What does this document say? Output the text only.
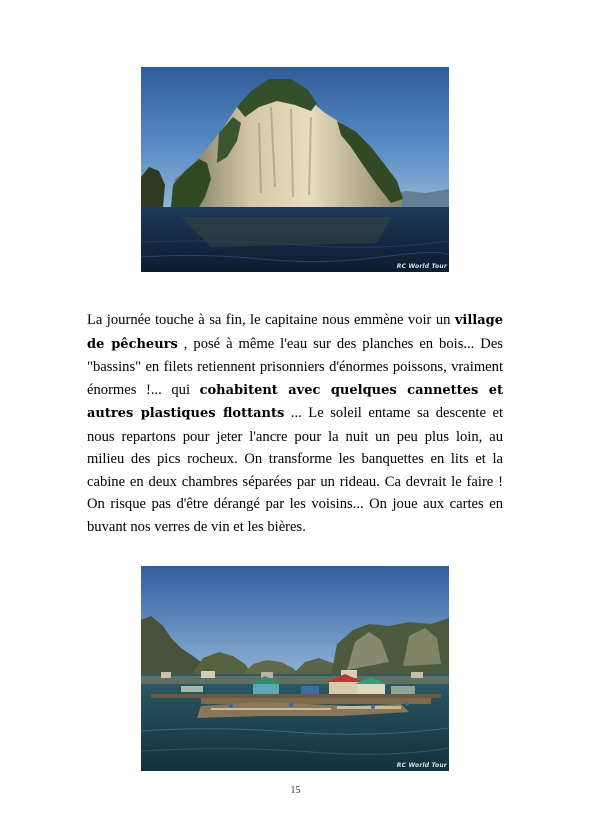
RC World Tour

La journée touche à sa fin, le capitaine nous emmène voir un village de pêcheurs , posé à même l'eau sur des planches en bois... Des "bassins" en filets retiennent prisonniers d'énormes poissons, vraiment énormes !... qui cohabitent avec quelques cannettes et autres plastiques flottants ... Le soleil entame sa descente et nous repartons pour jeter l'ancre pour la nuit un peu plus loin, au milieu des pics rocheux. On transforme les banquettes en lits et la cabine en deux chambres séparées par un rideau. Ca devrait le faire ! On risque pas d'être dérangé par les voisins... On joue aux cartes en buvant nos verres de vin et les bières.

RC World Tour
15
